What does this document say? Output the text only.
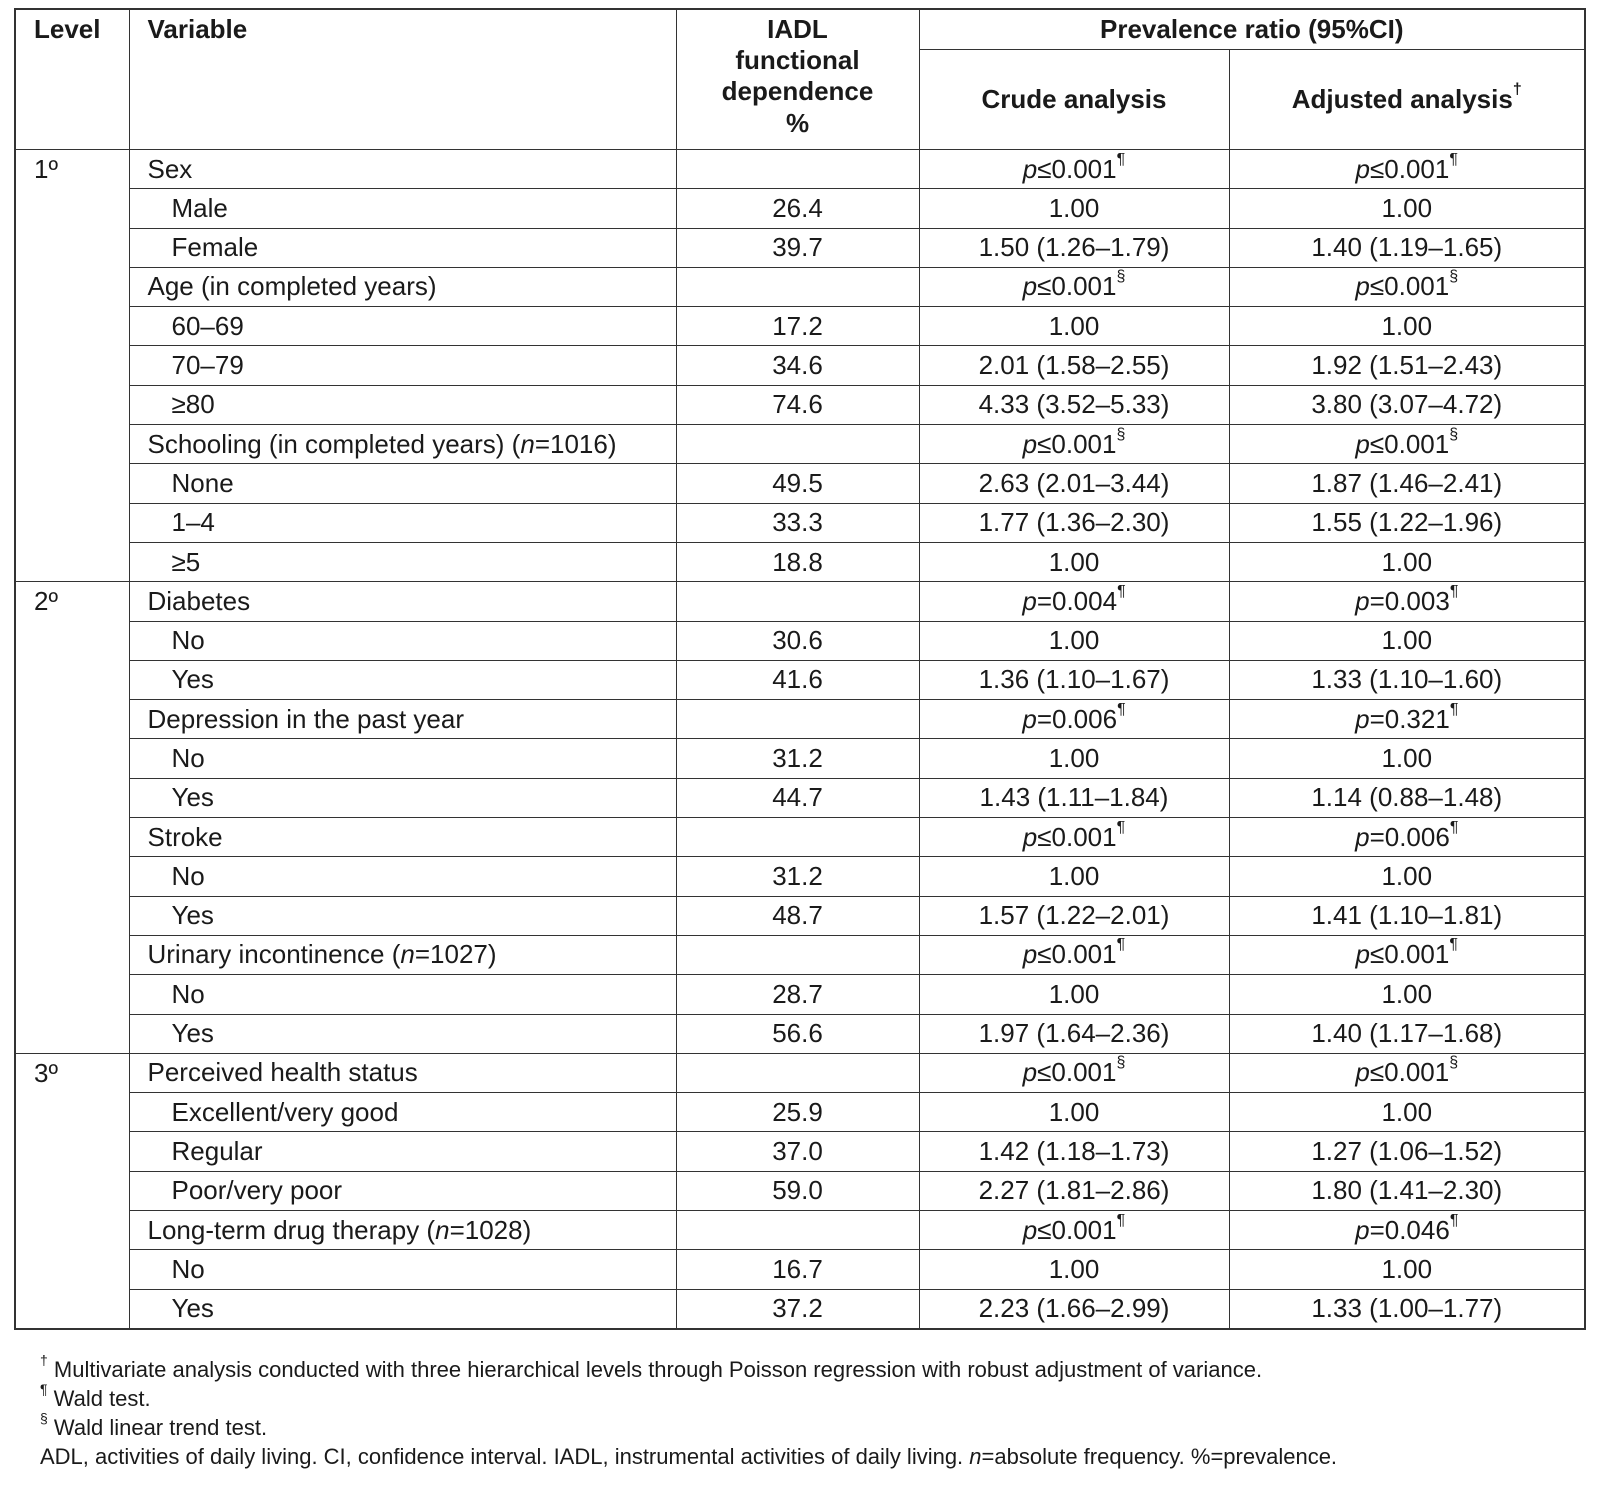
Level	Variable	IADL
functional
dependence
%	Prevalence ratio (95%CI)	
			Crude analysis	Adjusted analysis†
1º	Sex		p≤0.001¶	p≤0.001¶
	Male	26.4	1.00	1.00
	Female	39.7	1.50 (1.26–1.79)	1.40 (1.19–1.65)
	Age (in completed years)		p≤0.001§	p≤0.001§
	60–69	17.2	1.00	1.00
	70–79	34.6	2.01 (1.58–2.55)	1.92 (1.51–2.43)
	≥80	74.6	4.33 (3.52–5.33)	3.80 (3.07–4.72)
	Schooling (in completed years) (n=1016)		p≤0.001§	p≤0.001§
	None	49.5	2.63 (2.01–3.44)	1.87 (1.46–2.41)
	1–4	33.3	1.77 (1.36–2.30)	1.55 (1.22–1.96)
	≥5	18.8	1.00	1.00
2º	Diabetes		p=0.004¶	p=0.003¶
	No	30.6	1.00	1.00
	Yes	41.6	1.36 (1.10–1.67)	1.33 (1.10–1.60)
	Depression in the past year		p=0.006¶	p=0.321¶
	No	31.2	1.00	1.00
	Yes	44.7	1.43 (1.11–1.84)	1.14 (0.88–1.48)
	Stroke		p≤0.001¶	p=0.006¶
	No	31.2	1.00	1.00
	Yes	48.7	1.57 (1.22–2.01)	1.41 (1.10–1.81)
	Urinary incontinence (n=1027)		p≤0.001¶	p≤0.001¶
	No	28.7	1.00	1.00
	Yes	56.6	1.97 (1.64–2.36)	1.40 (1.17–1.68)
3º	Perceived health status		p≤0.001§	p≤0.001§
	Excellent/very good	25.9	1.00	1.00
	Regular	37.0	1.42 (1.18–1.73)	1.27 (1.06–1.52)
	Poor/very poor	59.0	2.27 (1.81–2.86)	1.80 (1.41–2.30)
	Long-term drug therapy (n=1028)		p≤0.001¶	p=0.046¶
	No	16.7	1.00	1.00
	Yes	37.2	2.23 (1.66–2.99)	1.33 (1.00–1.77)
† Multivariate analysis conducted with three hierarchical levels through Poisson regression with robust adjustment of variance.
¶ Wald test.
§ Wald linear trend test.
ADL, activities of daily living. CI, confidence interval. IADL, instrumental activities of daily living. n=absolute frequency. %=prevalence.
